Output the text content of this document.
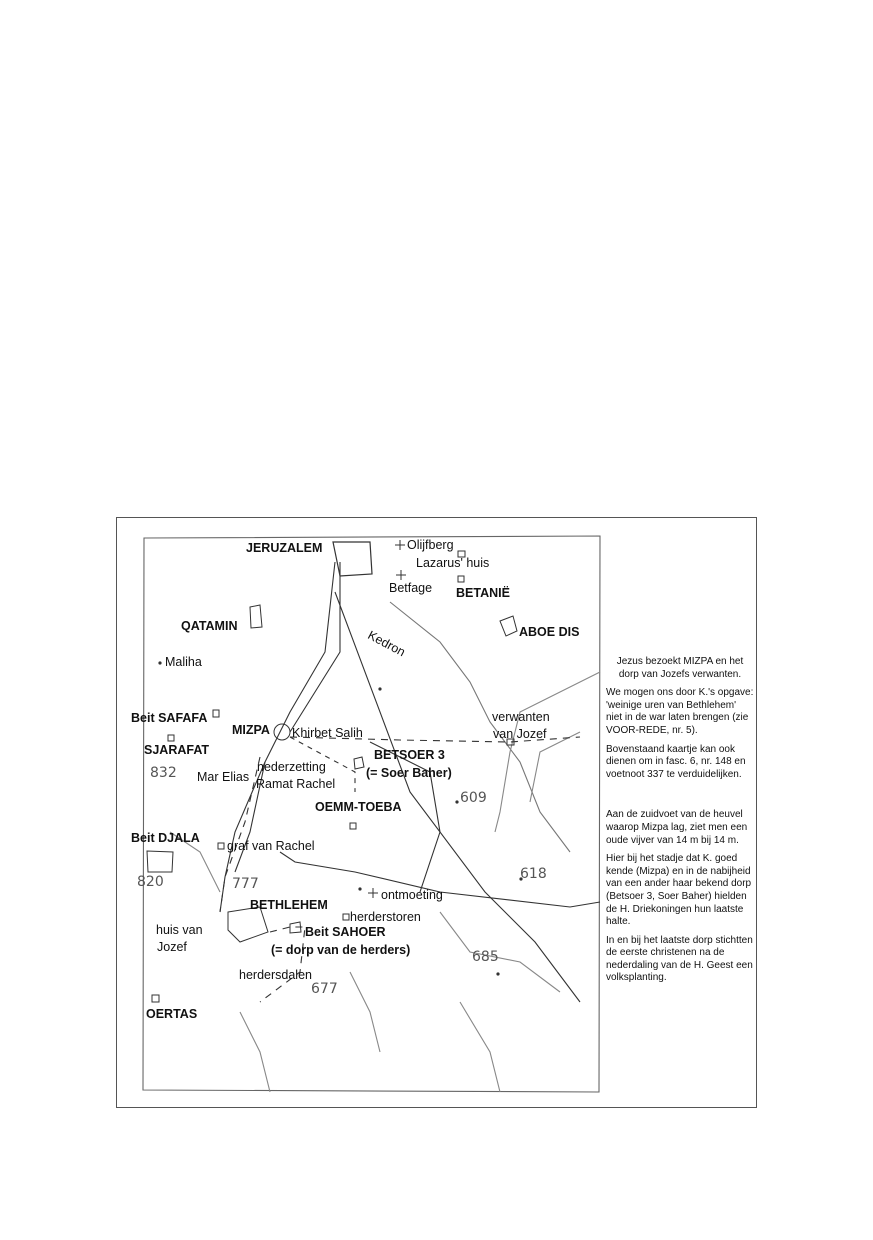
JERUZALEM	Olijfberg
Lazarus' huis
Betfage BETANIË
QATAMIN	ABOE DIS
Kedron
Maliha
Beit SAFAFA
MIZPA Khirbet Salih
verwanten
van Jozef
SJARAFAT	BETSOER 3
(= Soer Baher)
Mar Elias
nederzetting
Ramat Rachel
OEMM-TOEBA
Beit DJALA
graf van Rachel
ontmoeting
BETHLEHEM
herderstoren
huis van
Jozef
Beit SAHOER
(= dorp van de herders)
herdersdalen
OERTAS
832
609
820	777
618
685
677

Jezus bezoekt MIZPA en het dorp van Jozefs verwanten.

We mogen ons door K.'s opgave: 'weinige uren van Bethlehem' niet in de war laten brengen (zie VOOR-REDE, nr. 5).

Bovenstaand kaartje kan ook dienen om in fasc. 6, nr. 148 en voetnoot 337 te verduidelijken.

Aan de zuidvoet van de heuvel waarop Mizpa lag, ziet men een oude vijver van 14 m bij 14 m.

Hier bij het stadje dat K. goed kende (Mizpa) en in de nabijheid van een ander haar bekend dorp (Betsoer 3, Soer Baher) hielden de H. Driekoningen hun laatste halte.

In en bij het laatste dorp stichtten de eerste christenen na de nederdaling van de H. Geest een volksplanting.
